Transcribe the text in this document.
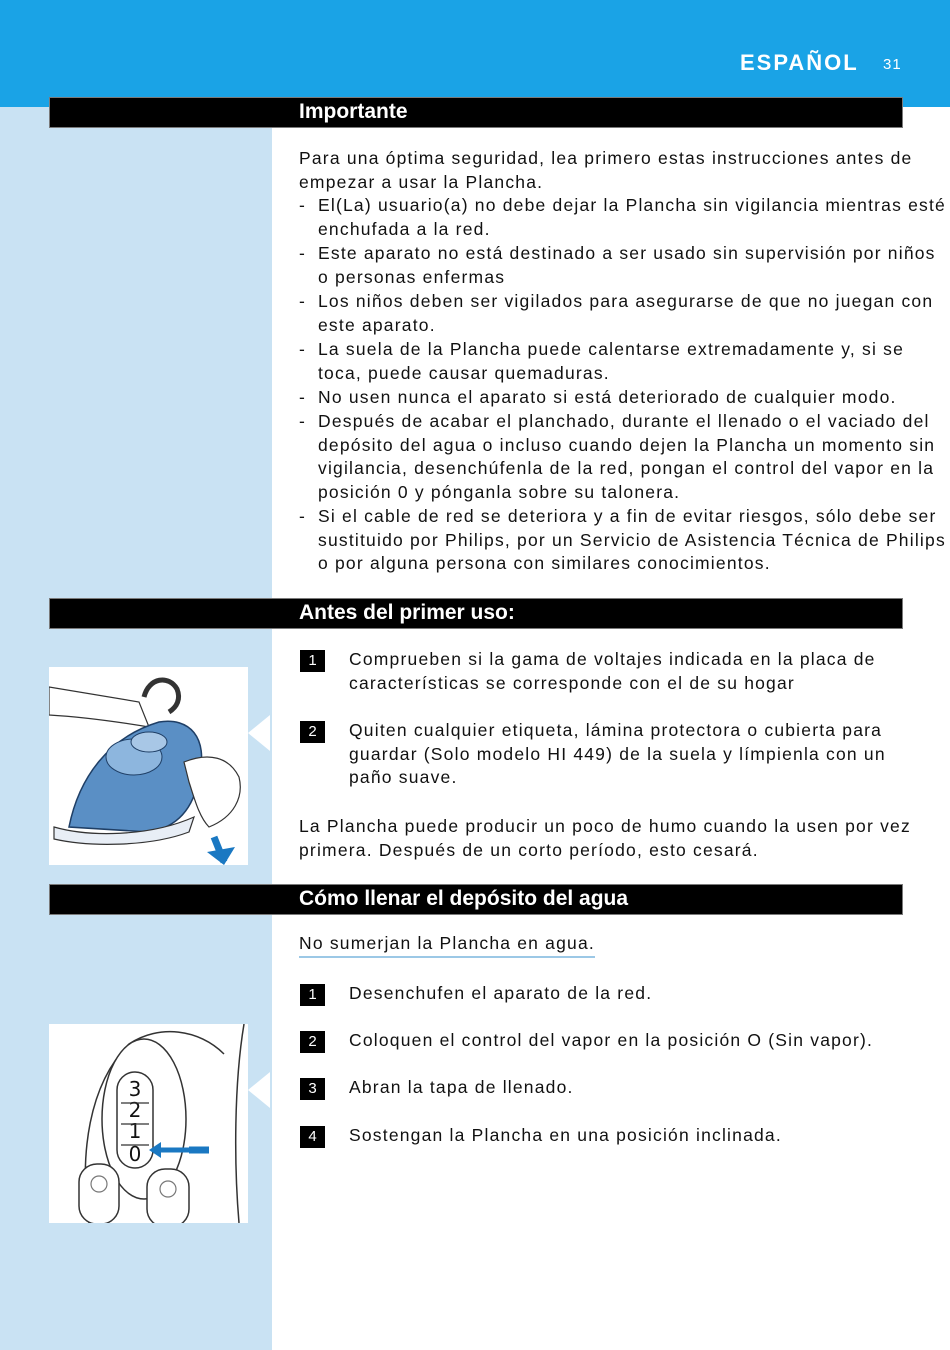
ESPAÑOL 31
Importante
Para una óptima seguridad, lea primero estas instrucciones antes de
empezar a usar la Plancha.
- El(La) usuario(a) no debe dejar la Plancha sin vigilancia mientras esté
enchufada a la red.
- Este aparato no está destinado a ser usado sin supervisión por niños
o personas enfermas
- Los niños deben ser vigilados para asegurarse de que no juegan con
este aparato.
- La suela de la Plancha puede calentarse extremadamente y, si se
toca, puede causar quemaduras.
- No usen nunca el aparato si está deteriorado de cualquier modo.
- Después de acabar el planchado, durante el llenado o el vaciado del
depósito del agua o incluso cuando dejen la Plancha un momento sin
vigilancia, desenchúfenla de la red, pongan el control del vapor en la
posición 0 y pónganla sobre su talonera.
- Si el cable de red se deteriora y a fin de evitar riesgos, sólo debe ser
sustituido por Philips, por un Servicio de Asistencia Técnica de Philips
o por alguna persona con similares conocimientos.
Antes del primer uso:
1	Comprueben si la gama de voltajes indicada en la placa de
características se corresponde con el de su hogar
2	Quiten cualquier etiqueta, lámina protectora o cubierta para
guardar (Solo modelo HI 449) de la suela y límpienla con un
paño suave.
La Plancha puede producir un poco de humo cuando la usen por vez
primera. Después de un corto período, esto cesará.
Cómo llenar el depósito del agua
No sumerjan la Plancha en agua.
1	Desenchufen el aparato de la red.
2	Coloquen el control del vapor en la posición O (Sin vapor).
3	Abran la tapa de llenado.
4	Sostengan la Plancha en una posición inclinada.
3
2
1
0
